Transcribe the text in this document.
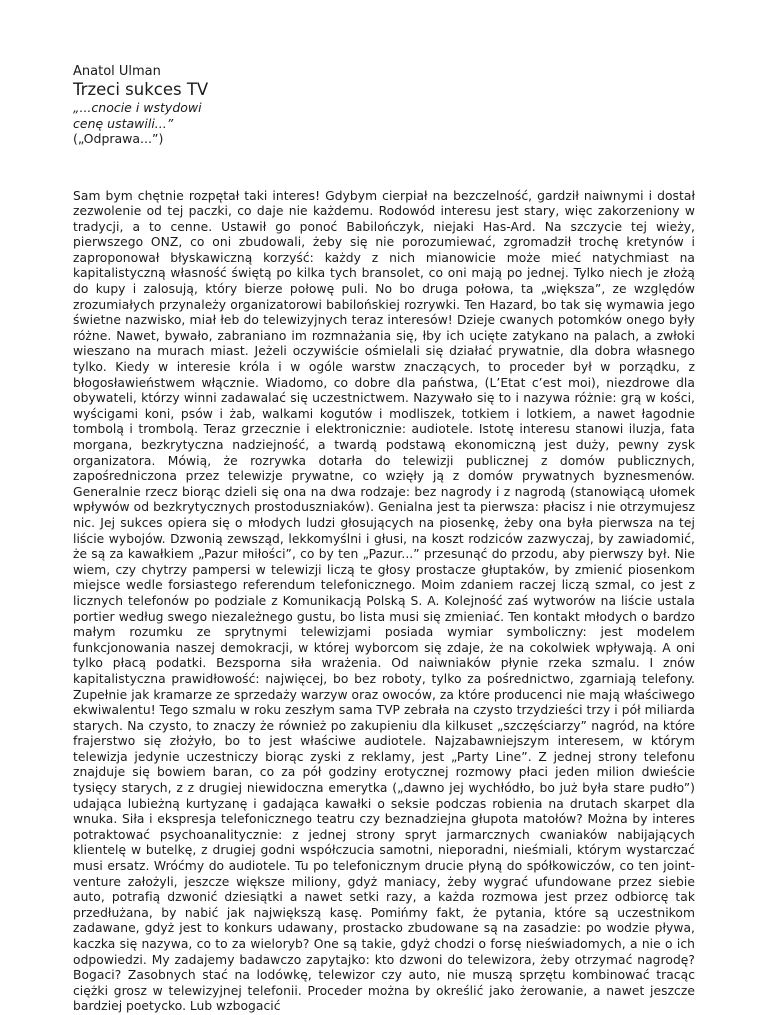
Anatol Ulman

Trzeci sukces TV

„...cnocie i wstydowi

cenę ustawili...”

(„Odprawa...”)

Sam bym chętnie rozpętał taki interes! Gdybym cierpiał na bezczelność, gardził naiwnymi i dostał zezwolenie od tej paczki, co daje nie każdemu. Rodowód interesu jest stary, więc zakorzeniony w tradycji, a to cenne. Ustawił go ponoć Babilończyk, niejaki Has-Ard. Na szczycie tej wieży, pierwszego ONZ, co oni zbudowali, żeby się nie porozumiewać, zgromadził trochę kretynów i zaproponował błyskawiczną korzyść: każdy z nich mianowicie może mieć natychmiast na kapitalistyczną własność świętą po kilka tych bransolet, co oni mają po jednej. Tylko niech je złożą do kupy i zalosują, który bierze połowę puli. No bo druga połowa, ta „większa”, ze względów zrozumiałych przynależy organizatorowi babilońskiej rozrywki. Ten Hazard, bo tak się wymawia jego świetne nazwisko, miał łeb do telewizyjnych teraz interesów! Dzieje cwanych potomków onego były różne. Nawet, bywało, zabraniano im rozmnażania się, łby ich ucięte zatykano na palach, a zwłoki wieszano na murach miast. Jeżeli oczywiście ośmielali się działać prywatnie, dla dobra własnego tylko. Kiedy w interesie króla i w ogóle warstw znaczących, to proceder był w porządku, z błogosławieństwem włącznie. Wiadomo, co dobre dla państwa, (L’Etat c’est moi), niezdrowe dla obywateli, którzy winni zadawalać się uczestnictwem. Nazywało się to i nazywa różnie: grą w kości, wyścigami koni, psów i żab, walkami kogutów i modliszek, totkiem i lotkiem, a nawet łagodnie tombolą i trombolą. Teraz grzecznie i elektronicznie: audiotele. Istotę interesu stanowi iluzja, fata morgana, bezkrytyczna nadziejność, a twardą podstawą ekonomiczną jest duży, pewny zysk organizatora. Mówią, że rozrywka dotarła do telewizji publicznej z domów publicznych, zapośredniczona przez telewizje prywatne, co wzięły ją z domów prywatnych byznesmenów. Generalnie rzecz biorąc dzieli się ona na dwa rodzaje: bez nagrody i z nagrodą (stanowiącą ułomek wpływów od bezkrytycznych prostoduszniaków). Genialna jest ta pierwsza: płacisz i nie otrzymujesz nic. Jej sukces opiera się o młodych ludzi głosujących na piosenkę, żeby ona była pierwsza na tej liście wybojów. Dzwonią zewsząd, lekkomyślni i głusi, na koszt rodziców zazwyczaj, by zawiadomić, że są za kawałkiem „Pazur miłości”, co by ten „Pazur...” przesunąć do przodu, aby pierwszy był. Nie wiem, czy chytrzy pampersi w telewizji liczą te głosy prostacze głuptaków, by zmienić piosenkom miejsce wedle forsiastego referendum telefonicznego. Moim zdaniem raczej liczą szmal, co jest z licznych telefonów po podziale z Komunikacją Polską S. A. Kolejność zaś wytworów na liście ustala portier według swego niezależnego gustu, bo lista musi się zmieniać. Ten kontakt młodych o bardzo małym rozumku ze sprytnymi telewizjami posiada wymiar symboliczny: jest modelem funkcjonowania naszej demokracji, w której wyborcom się zdaje, że na cokolwiek wpływają. A oni tylko płacą podatki. Bezsporna siła wrażenia. Od naiwniaków płynie rzeka szmalu. I znów kapitalistyczna prawidłowość: najwięcej, bo bez roboty, tylko za pośrednictwo, zgarniają telefony. Zupełnie jak kramarze ze sprzedaży warzyw oraz owoców, za które producenci nie mają właściwego ekwiwalentu! Tego szmalu w roku zeszłym sama TVP zebrała na czysto trzydzieści trzy i pół miliarda starych. Na czysto, to znaczy że również po zakupieniu dla kilkuset „szczęściarzy” nagród, na które frajerstwo się złożyło, bo to jest właściwe audiotele. Najzabawniejszym interesem, w którym telewizja jedynie uczestniczy biorąc zyski z reklamy, jest „Party Line”. Z jednej strony telefonu znajduje się bowiem baran, co za pół godziny erotycznej rozmowy płaci jeden milion dwieście tysięcy starych, z z drugiej niewidoczna emerytka („dawno jej wychłódło, bo już była stare pudło”) udająca lubieżną kurtyzanę i gadająca kawałki o seksie podczas robienia na drutach skarpet dla wnuka. Siła i ekspresja telefonicznego teatru czy beznadziejna głupota matołów? Można by interes potraktować psychoanalitycznie: z jednej strony spryt jarmarcznych cwaniaków nabijających klientelę w butelkę, z drugiej godni współczucia samotni, nieporadni, nieśmiali, którym wystarczać musi ersatz. Wróćmy do audiotele. Tu po telefonicznym drucie płyną do spółkowiczów, co ten joint-venture założyli, jeszcze większe miliony, gdyż maniacy, żeby wygrać ufundowane przez siebie auto, potrafią dzwonić dziesiątki a nawet setki razy, a każda rozmowa jest przez odbiorcę tak przedłużana, by nabić jak największą kasę. Pomińmy fakt, że pytania, które są uczestnikom zadawane, gdyż jest to konkurs udawany, prostacko zbudowane są na zasadzie: po wodzie pływa, kaczka się nazywa, co to za wieloryb? One są takie, gdyż chodzi o forsę nieświadomych, a nie o ich odpowiedzi. My zadajemy badawczo zapytajko: kto dzwoni do telewizora, żeby otrzymać nagrodę? Bogaci? Zasobnych stać na lodówkę, telewizor czy auto, nie muszą sprzętu kombinować tracąc ciężki grosz w telewizyjnej telefonii. Proceder można by określić jako żerowanie, a nawet jeszcze bardziej poetycko. Lub wzbogacić
